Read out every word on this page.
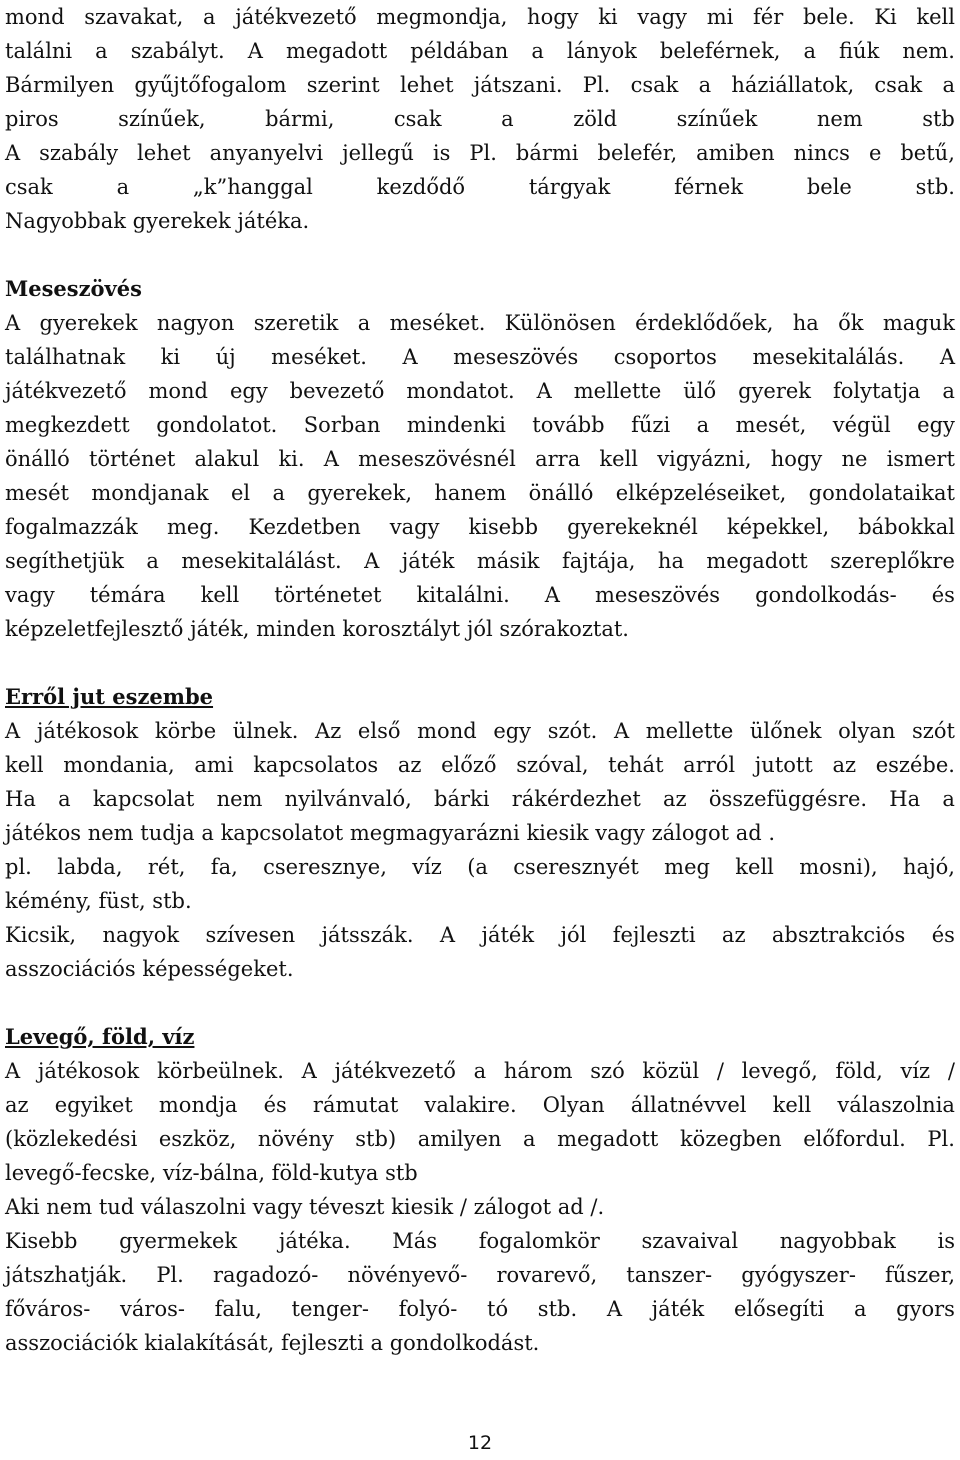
mond szavakat, a játékvezető megmondja, hogy ki vagy mi fér bele. Ki kell
találni a szabályt. A megadott példában a lányok beleférnek, a fiúk nem.
Bármilyen gyűjtőfogalom szerint lehet játszani. Pl. csak a háziállatok, csak a
piros	színűek,	bármi,	csak	a	zöld	színűek	nem	stb
A szabály lehet anyanyelvi jellegű is Pl. bármi belefér, amiben nincs e betű,
csak	a	„k”hanggal	kezdődő	tárgyak	férnek	bele	stb.
Nagyobbak gyerekek játéka.
Meseszövés
A gyerekek nagyon szeretik a meséket. Különösen érdeklődőek, ha ők maguk
találhatnak ki új meséket. A meseszövés csoportos mesekitalálás. A
játékvezető mond egy bevezető mondatot. A mellette ülő gyerek folytatja a
megkezdett gondolatot. Sorban mindenki tovább fűzi a mesét, végül egy
önálló történet alakul ki. A meseszövésnél arra kell vigyázni, hogy ne ismert
mesét mondjanak el a gyerekek, hanem önálló elképzeléseiket, gondolataikat
fogalmazzák meg. Kezdetben vagy kisebb gyerekeknél képekkel, bábokkal
segíthetjük a mesekitalálást. A játék másik fajtája, ha megadott szereplőkre
vagy témára kell történetet kitalálni. A meseszövés gondolkodás- és
képzeletfejlesztő játék, minden korosztályt jól szórakoztat.
Erről jut eszembe
A játékosok körbe ülnek. Az első mond egy szót. A mellette ülőnek olyan szót
kell mondania, ami kapcsolatos az előző szóval, tehát arról jutott az eszébe.
Ha a kapcsolat nem nyilvánvaló, bárki rákérdezhet az összefüggésre. Ha a
játékos nem tudja a kapcsolatot megmagyarázni kiesik vagy zálogot ad .
pl. labda, rét, fa, cseresznye, víz (a cseresznyét meg kell mosni), hajó,
kémény, füst, stb.
Kicsik, nagyok szívesen játsszák. A játék jól fejleszti az absztrakciós és
asszociációs képességeket.
Levegő, föld, víz
A játékosok körbeülnek. A játékvezető a három szó közül / levegő, föld, víz /
az egyiket mondja és rámutat valakire. Olyan állatnévvel kell válaszolnia
(közlekedési eszköz, növény stb) amilyen a megadott közegben előfordul. Pl.
levegő-fecske, víz-bálna, föld-kutya stb
Aki nem tud válaszolni vagy téveszt kiesik / zálogot ad /.
Kisebb gyermekek játéka. Más fogalomkör szavaival nagyobbak is
játszhatják. Pl. ragadozó- növényevő- rovarevő, tanszer- gyógyszer- fűszer,
főváros- város- falu, tenger- folyó- tó stb. A játék elősegíti a gyors
asszociációk kialakítását, fejleszti a gondolkodást.
12
